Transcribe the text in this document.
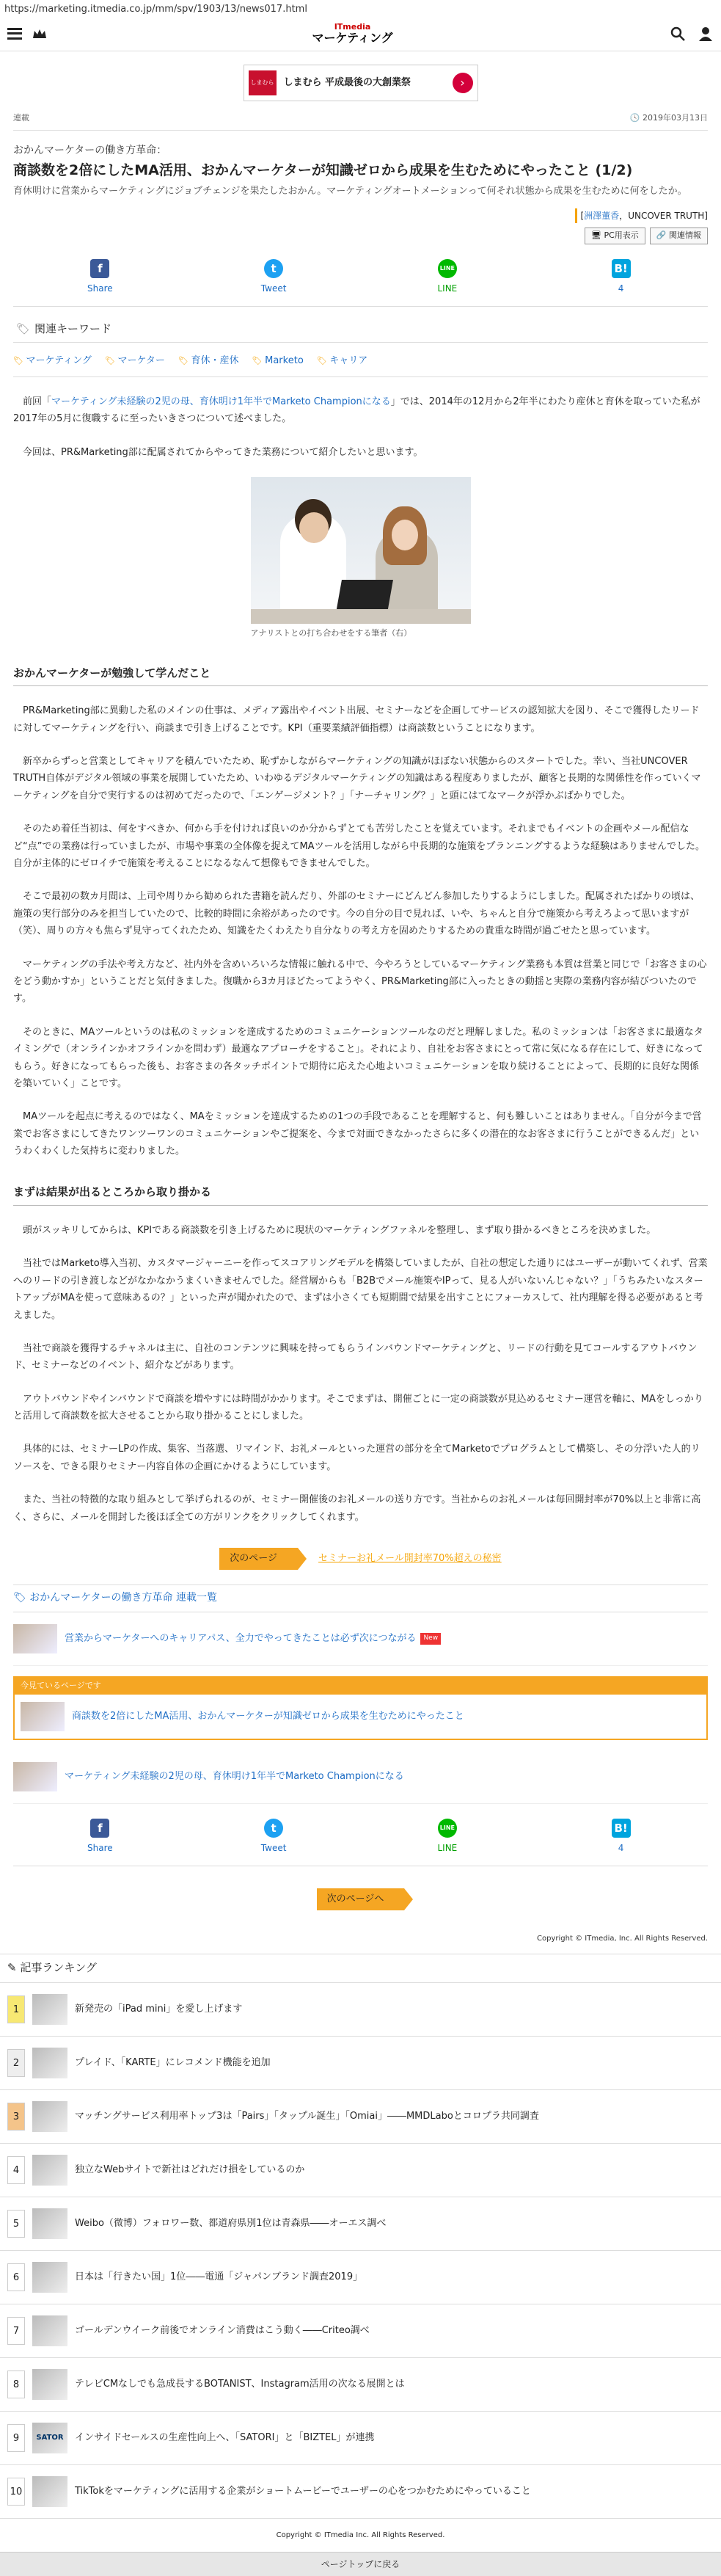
https://marketing.itmedia.co.jp/mm/spv/1903/13/news017.html
ITmedia
マーケティング
しまむら しまむら 平成最後の大創業祭	›
連載	🕓 2019年03月13日
おかんマーケターの働き方革命：
商談数を2倍にしたMA活用、おかんマーケターが知識ゼロから成果を生むためにやったこと (1/2)
育休明けに営業からマーケティングにジョブチェンジを果たしたおかん。マーケティングオートメーションって何それ状態から成果を生むために何をしたか。
[洲澤董香，UNCOVER TRUTH]
🖥 PC用表示	🔗 関連情報
f
Share
t
Tweet
LINE
LINE
B!
4
🏷 関連キーワード
🏷 マーケティング	🏷 マーケター	🏷 育休・産休	🏷 Marketo	🏷 キャリア

前回「マーケティング未経験の2児の母、育休明け1年半でMarketo Championになる」では、2014年の12月から2年半にわたり産休と育休を取っていた私が2017年の5月に復職するに至ったいきさつについて述べました。

今回は、PR&Marketing部に配属されてからやってきた業務について紹介したいと思います。

アナリストとの打ち合わせをする筆者（右）
おかんマーケターが勉強して学んだこと

PR&Marketing部に異動した私のメインの仕事は、メディア露出やイベント出展、セミナーなどを企画してサービスの認知拡大を図り、そこで獲得したリードに対してマーケティングを行い、商談まで引き上げることです。KPI（重要業績評価指標）は商談数ということになります。

新卒からずっと営業としてキャリアを積んでいたため、恥ずかしながらマーケティングの知識がほぼない状態からのスタートでした。幸い、当社UNCOVER TRUTH自体がデジタル領域の事業を展開していたため、いわゆるデジタルマーケティングの知識はある程度ありましたが、顧客と長期的な関係性を作っていくマーケティングを自分で実行するのは初めてだったので、「エンゲージメント？」「ナーチャリング？」と頭にはてなマークが浮かぶばかりでした。

そのため着任当初は、何をすべきか、何から手を付ければ良いのか分からずとても苦労したことを覚えています。それまでもイベントの企画やメール配信など“点”での業務は行っていましたが、市場や事業の全体像を捉えてMAツールを活用しながら中長期的な施策をプランニングするような経験はありませんでした。自分が主体的にゼロイチで施策を考えることになるなんて想像もできませんでした。

そこで最初の数カ月間は、上司や周りから勧められた書籍を読んだり、外部のセミナーにどんどん参加したりするようにしました。配属されたばかりの頃は、施策の実行部分のみを担当していたので、比較的時間に余裕があったのです。今の自分の目で見れば、いや、ちゃんと自分で施策から考えろよって思いますが（笑）、周りの方々も焦らず見守ってくれたため、知識をたくわえたり自分なりの考え方を固めたりするための貴重な時間が過ごせたと思っています。

マーケティングの手法や考え方など、社内外を含めいろいろな情報に触れる中で、今やろうとしているマーケティング業務も本質は営業と同じで「お客さまの心をどう動かすか」ということだと気付きました。復職から3カ月ほどたってようやく、PR&Marketing部に入ったときの動揺と実際の業務内容が結びついたのです。

そのときに、MAツールというのは私のミッションを達成するためのコミュニケーションツールなのだと理解しました。私のミッションは「お客さまに最適なタイミングで（オンラインかオフラインかを問わず）最適なアプローチをすること」。それにより、自社をお客さまにとって常に気になる存在にして、好きになってもらう。好きになってもらった後も、お客さまの各タッチポイントで期待に応えた心地よいコミュニケーションを取り続けることによって、長期的に良好な関係を築いていく」ことです。

MAツールを起点に考えるのではなく、MAをミッションを達成するための1つの手段であることを理解すると、何も難しいことはありません。「自分が今まで営業でお客さまにしてきたワンツーワンのコミュニケーションやご提案を、今まで対面できなかったさらに多くの潜在的なお客さまに行うことができるんだ」というわくわくした気持ちに変わりました。

まずは結果が出るところから取り掛かる

頭がスッキリしてからは、KPIである商談数を引き上げるために現状のマーケティングファネルを整理し、まず取り掛かるべきところを決めました。

当社ではMarketo導入当初、カスタマージャーニーを作ってスコアリングモデルを構築していましたが、自社の想定した通りにはユーザーが動いてくれず、営業へのリードの引き渡しなどがなかなかうまくいきませんでした。経営層からも「B2Bでメール施策やIPって、見る人がいないんじゃない？」「うちみたいなスタートアップがMAを使って意味あるの？」といった声が聞かれたので、まずは小さくても短期間で結果を出すことにフォーカスして、社内理解を得る必要があると考えました。

当社で商談を獲得するチャネルは主に、自社のコンテンツに興味を持ってもらうインバウンドマーケティングと、リードの行動を見てコールするアウトバウンド、セミナーなどのイベント、紹介などがあります。

アウトバウンドやインバウンドで商談を増やすには時間がかかります。そこでまずは、開催ごとに一定の商談数が見込めるセミナー運営を軸に、MAをしっかりと活用して商談数を拡大させることから取り掛かることにしました。

具体的には、セミナーLPの作成、集客、当落選、リマインド、お礼メールといった運営の部分を全てMarketoでプログラムとして構築し、その分浮いた人的リソースを、できる限りセミナー内容自体の企画にかけるようにしています。

また、当社の特徴的な取り組みとして挙げられるのが、セミナー開催後のお礼メールの送り方です。当社からのお礼メールは毎回開封率が70%以上と非常に高く、さらに、メールを開封した後ほぼ全ての方がリンクをクリックしてくれます。

次のページ	セミナーお礼メール開封率70%超えの秘密
🏷 おかんマーケターの働き方革命 連載一覧
営業からマーケターへのキャリアパス、全力でやってきたことは必ず次につながる	New
今見ているページです
商談数を2倍にしたMA活用、おかんマーケターが知識ゼロから成果を生むためにやったこと
マーケティング未経験の2児の母、育休明け1年半でMarketo Championになる
f
Share
t
Tweet
LINE
LINE
B!
4
次のページへ
Copyright © ITmedia, Inc. All Rights Reserved.
✎ 記事ランキング
1	新発売の「iPad mini」を愛し上げます
2	プレイド、「KARTE」にレコメンド機能を追加
3	マッチングサービス利用率トップ3は「Pairs」「タップル誕生」「Omiai」――MMDLaboとコロプラ共同調査
4	独立なWebサイトで新社はどれだけ損をしているのか
5	Weibo（微博）フォロワー数、都道府県別1位は青森県――オーエス調べ
6	日本は「行きたい国」1位――電通「ジャパンブランド調査2019」
7	ゴールデンウイーク前後でオンライン消費はこう動く――Criteo調べ
8	テレビCMなしでも急成長するBOTANIST、Instagram活用の次なる展開とは
9	SATOR	インサイドセールスの生産性向上へ、「SATORI」と「BIZTEL」が連携
10	TikTokをマーケティングに活用する企業がショートムービーでユーザーの心をつかむためにやっていること
Copyright © ITmedia Inc. All Rights Reserved.
ページトップに戻る
